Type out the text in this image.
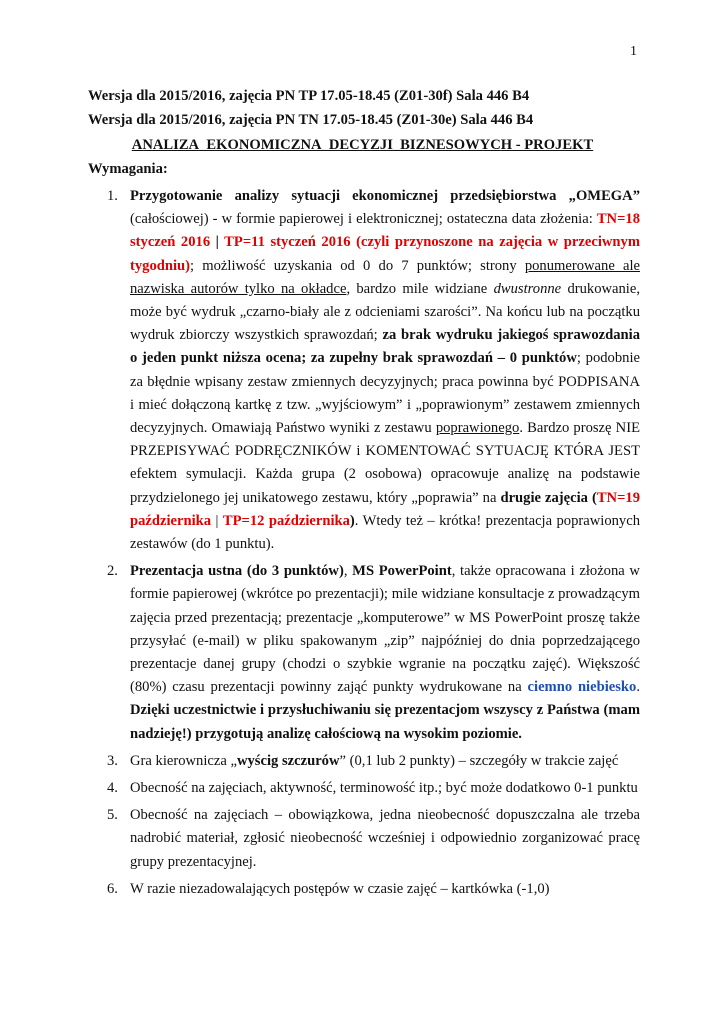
1
Wersja dla 2015/2016, zajęcia PN TP 17.05-18.45 (Z01-30f) Sala 446 B4
Wersja dla 2015/2016, zajęcia PN TN 17.05-18.45 (Z01-30e) Sala 446 B4
ANALIZA_EKONOMICZNA_DECYZJI_BIZNESOWYCH - PROJEKT
Wymagania:
1. Przygotowanie analizy sytuacji ekonomicznej przedsiębiorstwa „OMEGA” (całościowej) - w formie papierowej i elektronicznej; ostateczna data złożenia: TN=18 styczeń 2016 | TP=11 styczeń 2016 (czyli przynoszone na zajęcia w przeciwnym tygodniu); możliwość uzyskania od 0 do 7 punktów; strony ponumerowane ale nazwiska autorów tylko na okładce, bardzo mile widziane dwustronne drukowanie, może być wydruk „czarno-biały ale z odcieniami szarości”. Na końcu lub na początku wydruk zbiorczy wszystkich sprawozdań; za brak wydruku jakiegoś sprawozdania o jeden punkt niższa ocena; za zupełny brak sprawozdań – 0 punktów; podobnie za błędnie wpisany zestaw zmiennych decyzyjnych; praca powinna być PODPISANA i mieć dołączoną kartkę z tzw. „wyjściowym” i „poprawionym” zestawem zmiennych decyzyjnych. Omawiają Państwo wyniki z zestawu poprawionego. Bardzo proszę NIE PRZEPISYWAĆ PODRĘCZNIKÓW i KOMENTOWAĆ SYTUACJĘ KTÓRA JEST efektem symulacji. Każda grupa (2 osobowa) opracowuje analizę na podstawie przydzielonego jej unikatowego zestawu, który „poprawia” na drugie zajęcia (TN=19 października | TP=12 października). Wtedy też – krótka! prezentacja poprawionych zestawów (do 1 punktu).
2. Prezentacja ustna (do 3 punktów), MS PowerPoint, także opracowana i złożona w formie papierowej (wkrótce po prezentacji); mile widziane konsultacje z prowadzącym zajęcia przed prezentacją; prezentacje „komputerowe” w MS PowerPoint proszę także przysyłać (e-mail) w pliku spakowanym „zip” najpóźniej do dnia poprzedzającego prezentacje danej grupy (chodzi o szybkie wgranie na początku zajęć). Większość (80%) czasu prezentacji powinny zająć punkty wydrukowane na ciemno niebiesko. Dzięki uczestnictwie i przysłuchiwaniu się prezentacjom wszyscy z Państwa (mam nadzieję!) przygotują analizę całościową na wysokim poziomie.
3. Gra kierownicza „wyścig szczurów” (0,1 lub 2 punkty) – szczegóły w trakcie zajęć
4. Obecność na zajęciach, aktywność, terminowość itp.; być może dodatkowo 0-1 punktu
5. Obecność na zajęciach – obowiązkowa, jedna nieobecność dopuszczalna ale trzeba nadrobić materiał, zgłosić nieobecność wcześniej i odpowiednio zorganizować pracę grupy prezentacyjnej.
6. W razie niezadowalających postępów w czasie zajęć – kartkówka (-1,0)
